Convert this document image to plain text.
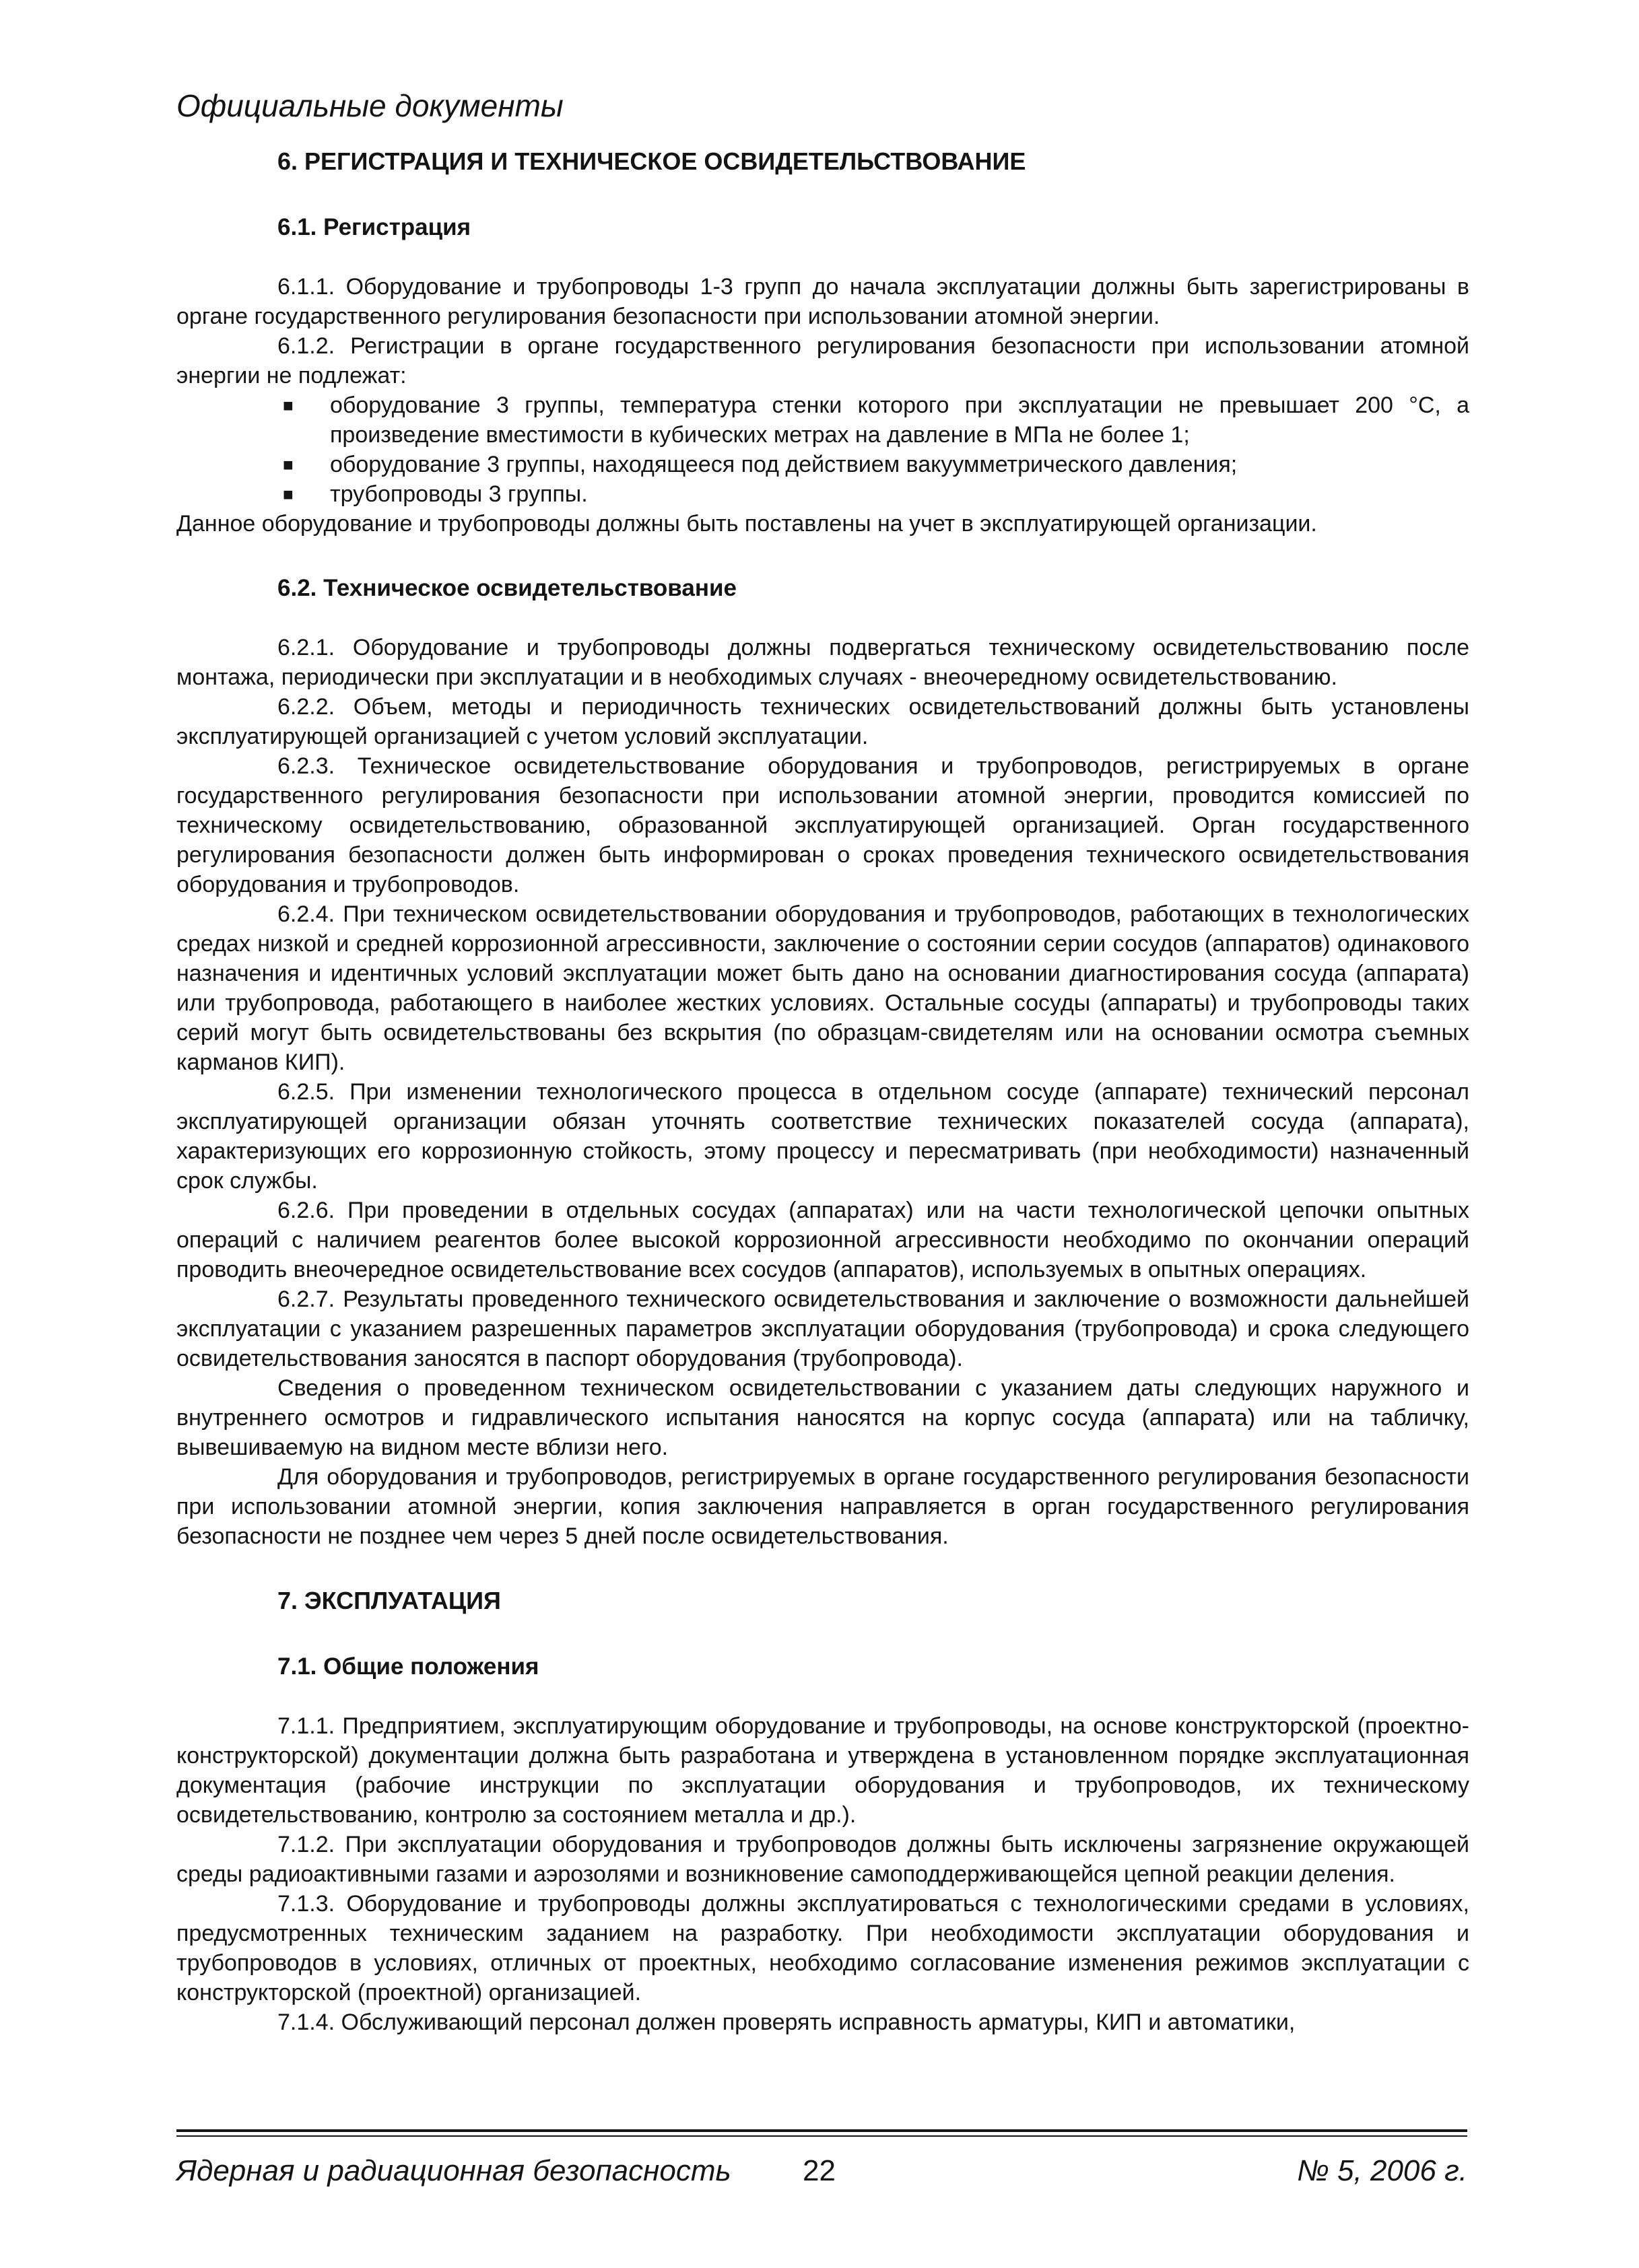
Официальные документы
6. РЕГИСТРАЦИЯ И ТЕХНИЧЕСКОЕ ОСВИДЕТЕЛЬСТВОВАНИЕ
6.1. Регистрация

6.1.1. Оборудование и трубопроводы 1-3 групп до начала эксплуатации должны быть зарегистрированы в органе государственного регулирования безопасности при использовании атомной энергии.

6.1.2. Регистрации в органе государственного регулирования безопасности при использовании атомной энергии не подлежат:

■ оборудование 3 группы, температура стенки которого при эксплуатации не превышает 200 °С, а произведение вместимости в кубических метрах на давление в МПа не более 1;
■ оборудование 3 группы, находящееся под действием вакуумметрического давления;
■ трубопроводы 3 группы.

Данное оборудование и трубопроводы должны быть поставлены на учет в эксплуатирующей организации.

6.2. Техническое освидетельствование

6.2.1. Оборудование и трубопроводы должны подвергаться техническому освидетельствованию после монтажа, периодически при эксплуатации и в необходимых случаях - внеочередному освидетельствованию.

6.2.2. Объем, методы и периодичность технических освидетельствований должны быть установлены эксплуатирующей организацией с учетом условий эксплуатации.

6.2.3. Техническое освидетельствование оборудования и трубопроводов, регистрируемых в органе государственного регулирования безопасности при использовании атомной энергии, проводится комиссией по техническому освидетельствованию, образованной эксплуатирующей организацией. Орган государственного регулирования безопасности должен быть информирован о сроках проведения технического освидетельствования оборудования и трубопроводов.

6.2.4. При техническом освидетельствовании оборудования и трубопроводов, работающих в технологических средах низкой и средней коррозионной агрессивности, заключение о состоянии серии сосудов (аппаратов) одинакового назначения и идентичных условий эксплуатации может быть дано на основании диагностирования сосуда (аппарата) или трубопровода, работающего в наиболее жестких условиях. Остальные сосуды (аппараты) и трубопроводы таких серий могут быть освидетельствованы без вскрытия (по образцам-свидетелям или на основании осмотра съемных карманов КИП).

6.2.5. При изменении технологического процесса в отдельном сосуде (аппарате) технический персонал эксплуатирующей организации обязан уточнять соответствие технических показателей сосуда (аппарата), характеризующих его коррозионную стойкость, этому процессу и пересматривать (при необходимости) назначенный срок службы.

6.2.6. При проведении в отдельных сосудах (аппаратах) или на части технологической цепочки опытных операций с наличием реагентов более высокой коррозионной агрессивности необходимо по окончании операций проводить внеочередное освидетельствование всех сосудов (аппаратов), используемых в опытных операциях.

6.2.7. Результаты проведенного технического освидетельствования и заключение о возможности дальнейшей эксплуатации с указанием разрешенных параметров эксплуатации оборудования (трубопровода) и срока следующего освидетельствования заносятся в паспорт оборудования (трубопровода).

Сведения о проведенном техническом освидетельствовании с указанием даты следующих наружного и внутреннего осмотров и гидравлического испытания наносятся на корпус сосуда (аппарата) или на табличку, вывешиваемую на видном месте вблизи него.

Для оборудования и трубопроводов, регистрируемых в органе государственного регулирования безопасности при использовании атомной энергии, копия заключения направляется в орган государственного регулирования безопасности не позднее чем через 5 дней после освидетельствования.

7. ЭКСПЛУАТАЦИЯ
7.1. Общие положения

7.1.1. Предприятием, эксплуатирующим оборудование и трубопроводы, на основе конструкторской (проектно-конструкторской) документации должна быть разработана и утверждена в установленном порядке эксплуатационная документация (рабочие инструкции по эксплуатации оборудования и трубопроводов, их техническому освидетельствованию, контролю за состоянием металла и др.).

7.1.2. При эксплуатации оборудования и трубопроводов должны быть исключены загрязнение окружающей среды радиоактивными газами и аэрозолями и возникновение самоподдерживающейся цепной реакции деления.

7.1.3. Оборудование и трубопроводы должны эксплуатироваться с технологическими средами в условиях, предусмотренных техническим заданием на разработку. При необходимости эксплуатации оборудования и трубопроводов в условиях, отличных от проектных, необходимо согласование изменения режимов эксплуатации с конструкторской (проектной) организацией.

7.1.4. Обслуживающий персонал должен проверять исправность арматуры, КИП и автоматики,

Ядерная и радиационная безопасность 22	№ 5, 2006 г.
